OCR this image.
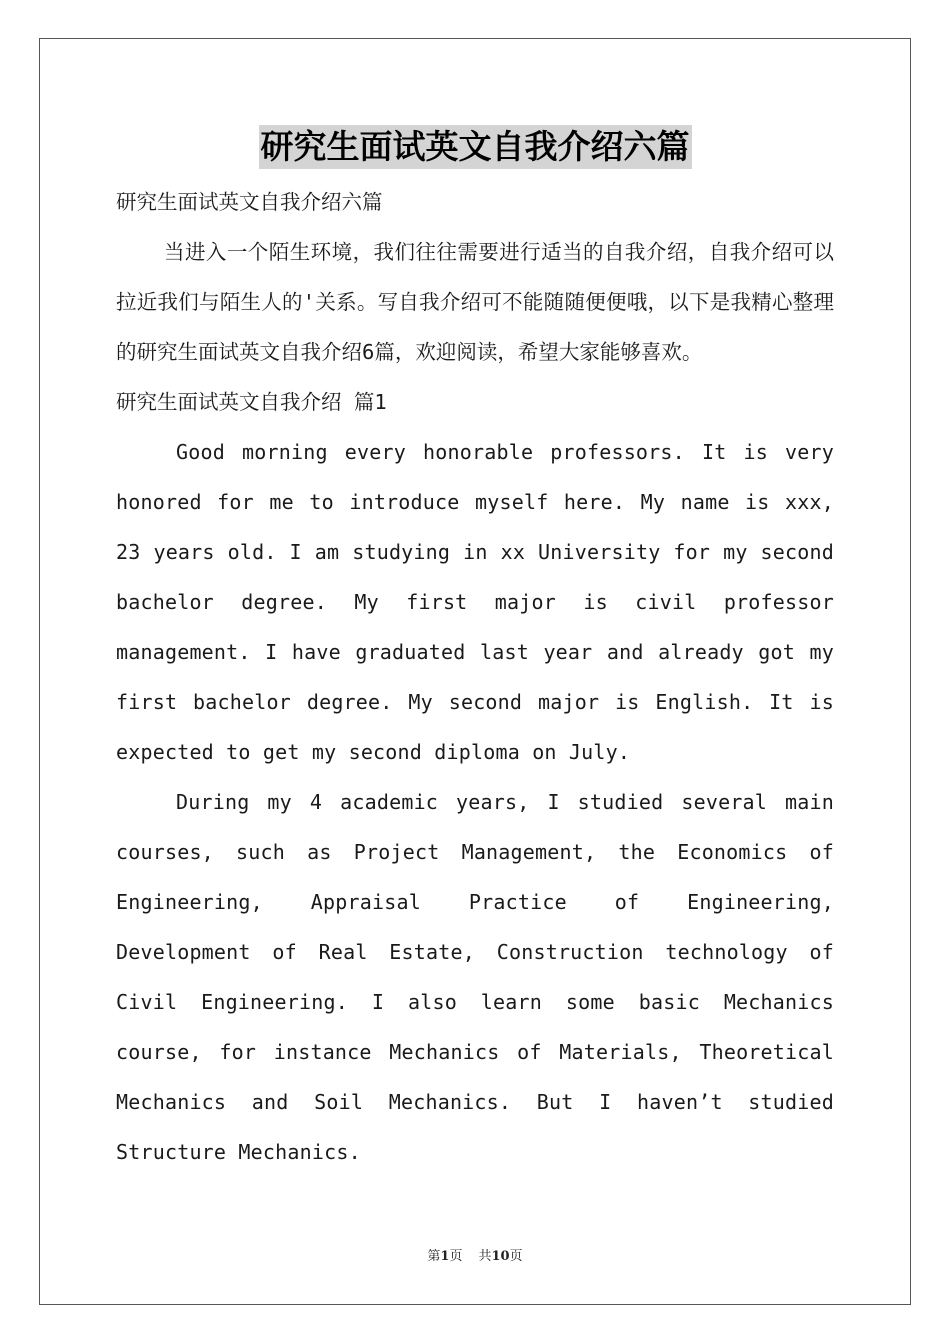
研究生面试英文自我介绍六篇

研究生面试英文自我介绍六篇

当进入一个陌生环境，我们往往需要进行适当的自我介绍，自我介绍可以拉近我们与陌生人的'关系。写自我介绍可不能随随便便哦，以下是我精心整理的研究生面试英文自我介绍6篇，欢迎阅读，希望大家能够喜欢。

研究生面试英文自我介绍 篇1

Good morning every honorable professors. It is very honored for me to introduce myself here. My name is xxx, 23 years old. I am studying in xx University for my second bachelor degree. My first major is civil professor management. I have graduated last year and already got my first bachelor degree. My second major is English. It is expected to get my second diploma on July.

During my 4 academic years, I studied several main courses, such as Project Management, the Economics of Engineering, Appraisal Practice of Engineering, Development of Real Estate, Construction technology of Civil Engineering. I also learn some basic Mechanics course, for instance Mechanics of Materials, Theoretical Mechanics and Soil Mechanics. But I haven’t studied Structure Mechanics.

第1页 共10页
